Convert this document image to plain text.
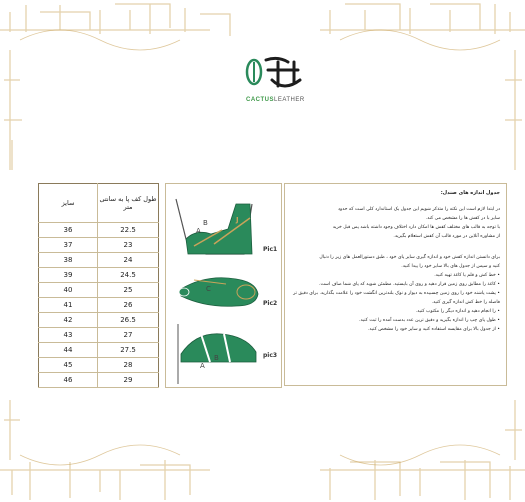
CACTUSLEATHER
سایز	طول کف پا به سانتی متر
36	22.5
37	23
38	24
39	24.5
40	25
41	26
42	26.5
43	27
44	27.5
45	28
46	29
J
B
A
C
B
A
Pic1
Pic2
pic3

جدول اندازه های صندل:

در ابتدا لازم است این نکته را متذکر شویم این جدول یک استاندارد کلی است که حدود

سایز با در کفش ها را مشخص می کند.

با توجه به قالب های مختلف کفش ها امکان دارد اختلاف وجود داشته باشد پس قبل خرید

از مشاوره آنلاین در مورد قالب آن کفش استعلام بگیرید.

برای دانستن اندازه کفش خود و اندازه گیری سایز پای خود ، طبق دستورالعمل های زیر را دنبال

کنید و سپس از جدول های بالا سایز خود را پیدا کنید.

• خط کش و قلم یا کاغذ تهیه کنید.

• کاغذ را مطابق روی زمین قرار دهید و روی آن بایستید. مطمئن شوید که پای شما صاف است.

• پشت پاشنه خود را روی زمین چسبیده به دیوار و نوک بلندترین انگشت خود را علامت بگذارید. برای دقیق تر

فاصله را خط کش اندازه گیری کنید.

• را انجام دهید و اندازه دیگر را مکتوب کنید.

• طول پای چپ را اندازه بگیرید و دقیق ترین عدد بدست آمده را ثبت کنید.

• از جدول بالا برای مقایسه استفاده کنید و سایز خود را مشخص کنید.
